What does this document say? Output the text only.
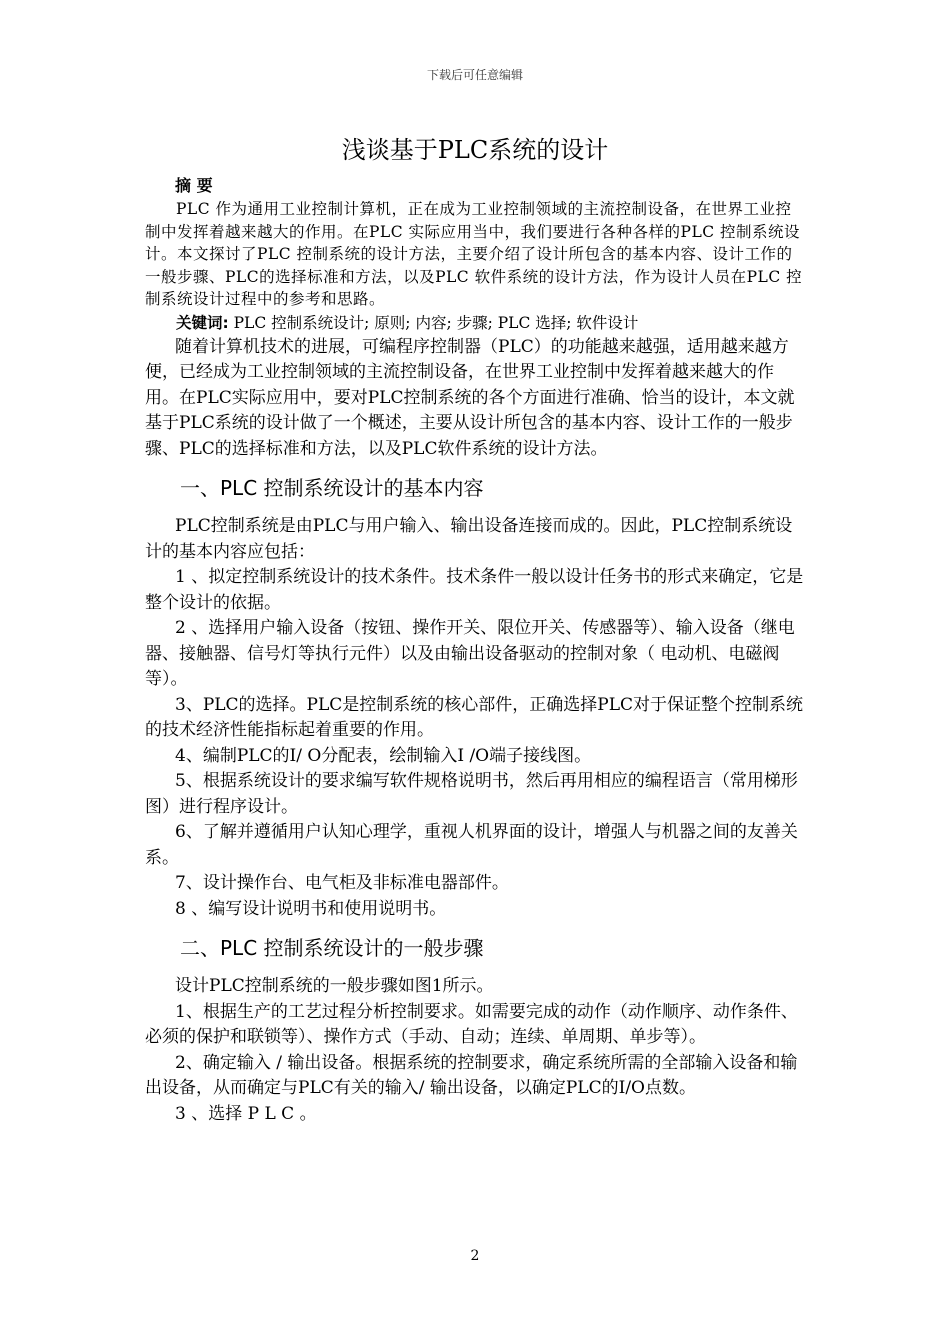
下载后可任意编辑
浅谈基于PLC系统的设计
摘 要

PLC 作为通用工业控制计算机，正在成为工业控制领域的主流控制设备，在世界工业控制中发挥着越来越大的作用。在PLC 实际应用当中，我们要进行各种各样的PLC 控制系统设计。本文探讨了PLC 控制系统的设计方法，主要介绍了设计所包含的基本内容、设计工作的一般步骤、PLC的选择标准和方法，以及PLC 软件系统的设计方法，作为设计人员在PLC 控制系统设计过程中的参考和思路。

关键词: PLC 控制系统设计; 原则; 内容; 步骤; PLC 选择; 软件设计

随着计算机技术的进展，可编程序控制器（PLC）的功能越来越强，适用越来越方便，已经成为工业控制领域的主流控制设备，在世界工业控制中发挥着越来越大的作用。在PLC实际应用中，要对PLC控制系统的各个方面进行准确、恰当的设计，本文就基于PLC系统的设计做了一个概述，主要从设计所包含的基本内容、设计工作的一般步骤、PLC的选择标准和方法，以及PLC软件系统的设计方法。

一、PLC 控制系统设计的基本内容

PLC控制系统是由PLC与用户输入、输出设备连接而成的。因此，PLC控制系统设计的基本内容应包括：

1 、拟定控制系统设计的技术条件。技术条件一般以设计任务书的形式来确定，它是整个设计的依据。

2 、选择用户输入设备（按钮、操作开关、限位开关、传感器等）、输入设备（继电器、接触器、信号灯等执行元件）以及由输出设备驱动的控制对象（ 电动机、电磁阀等）。

3、PLC的选择。PLC是控制系统的核心部件，正确选择PLC对于保证整个控制系统的技术经济性能指标起着重要的作用。

4、编制PLC的I/ O分配表，绘制输入I /O端子接线图。

5、根据系统设计的要求编写软件规格说明书，然后再用相应的编程语言（常用梯形图）进行程序设计。

6、了解并遵循用户认知心理学，重视人机界面的设计，增强人与机器之间的友善关系。

7、设计操作台、电气柜及非标准电器部件。

8 、编写设计说明书和使用说明书。

二、PLC 控制系统设计的一般步骤

设计PLC控制系统的一般步骤如图1所示。

1、根据生产的工艺过程分析控制要求。如需要完成的动作（动作顺序、动作条件、必须的保护和联锁等）、操作方式（手动、自动；连续、单周期、单步等）。

2、确定输入 / 输出设备。根据系统的控制要求，确定系统所需的全部输入设备和输出设备，从而确定与PLC有关的输入/ 输出设备，以确定PLC的I/O点数。

3 、选择 P L C 。

2
